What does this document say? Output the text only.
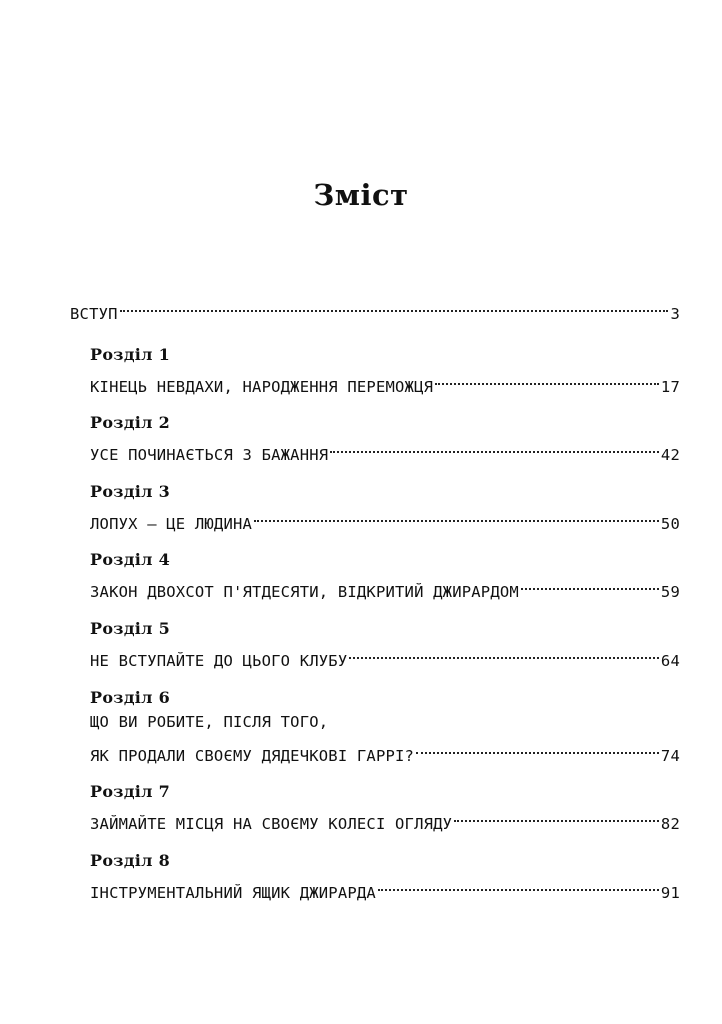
Зміст
ВСТУП	3
Розділ 1
КІНЕЦЬ НЕВДАХИ, НАРОДЖЕННЯ ПЕРЕМОЖЦЯ	17
Розділ 2
УСЕ ПОЧИНАЄТЬСЯ З БАЖАННЯ	42
Розділ 3
ЛОПУХ – ЦЕ ЛЮДИНА	50
Розділ 4
ЗАКОН ДВОХСОТ П'ЯТДЕСЯТИ, ВІДКРИТИЙ ДЖИРАРДОМ	59
Розділ 5
НЕ ВСТУПАЙТЕ ДО ЦЬОГО КЛУБУ	64
Розділ 6
ЩО ВИ РОБИТЕ, ПІСЛЯ ТОГО,
ЯК ПРОДАЛИ СВОЄМУ ДЯДЕЧКОВІ ГАРРІ?	74
Розділ 7
ЗАЙМАЙТЕ МІСЦЯ НА СВОЄМУ КОЛЕСІ ОГЛЯДУ	82
Розділ 8
ІНСТРУМЕНТАЛЬНИЙ ЯЩИК ДЖИРАРДА	91
